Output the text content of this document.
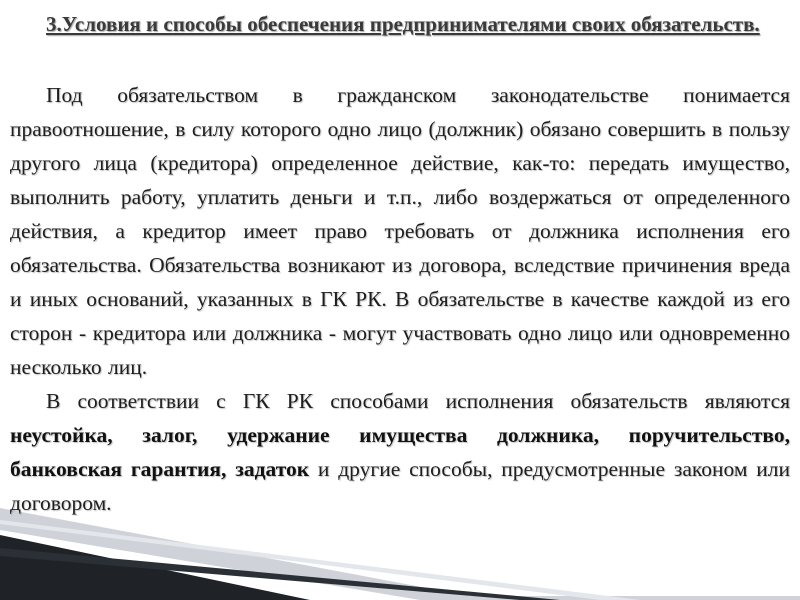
3.Условия и способы обеспечения предпринимателями своих обязательств.

Под обязательством в гражданском законодательстве понимается правоотношение, в силу которого одно лицо (должник) обязано совершить в пользу другого лица (кредитора) определенное действие, как-то: передать имущество, выполнить работу, уплатить деньги и т.п., либо воздержаться от определенного действия, а кредитор имеет право требовать от должника исполнения его обязательства. Обязательства возникают из договора, вследствие причинения вреда и иных оснований, указанных в ГК РК. В обязательстве в качестве каждой из его сторон - кредитора или должника - могут участвовать одно лицо или одновременно несколько лиц.

В соответствии с ГК РК способами исполнения обязательств являются неустойка, залог, удержание имущества должника, поручительство, банковская гарантия, задаток и другие способы, предусмотренные законом или договором.
